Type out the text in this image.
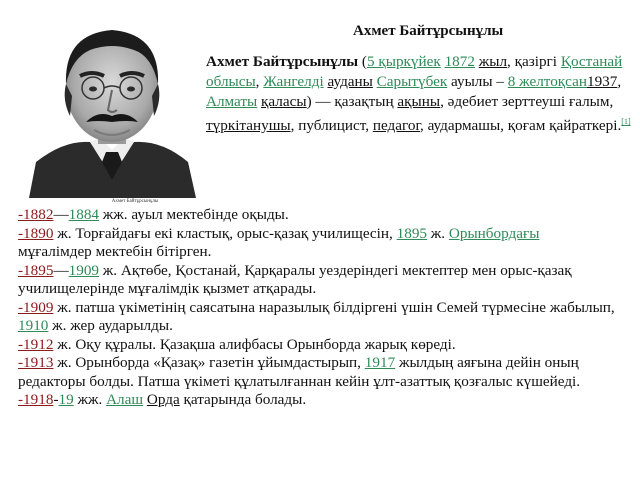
Ахмет Байтұрсынұлы
Ахмет Байтұрсынұлы
Ахмет Байтұрсынұлы (5 қыркүйек 1872 жыл, қазіргі Қостанай облысы, Жангелді ауданы Сарытүбек ауылы – 8 желтоқсан1937, Алматы қаласы) — қазақтың ақыны, әдебиет зерттеуші ғалым, түркітанушы, публицист, педагог, аудармашы, қоғам қайраткері.[1]

-1882—1884 жж. ауыл мектебінде оқыды.

-1890 ж. Торғайдағы екі кластық, орыс-қазақ училищесін, 1895 ж. Орынбордағы
мұғалімдер мектебін бітірген.

-1895—1909 ж. Ақтөбе, Қостанай, Қарқаралы уездеріндегі мектептер мен орыс-қазақ училищелерінде мұғалімдік қызмет атқарады.

-1909 ж. патша үкіметінің саясатына наразылық білдіргені үшін Семей түрмесіне жабылып, 1910 ж. жер аударылды.

-1912 ж. Оқу құралы. Қазақша алифбасы Орынборда жарық көреді.

-1913 ж. Орынборда «Қазақ» газетін ұйымдастырып, 1917 жылдың аяғына дейін оның редакторы болды. Патша үкіметі құлатылғаннан кейін ұлт-азаттық қозғалыс күшейеді.

-1918-19 жж. Алаш Орда қатарында болады.
